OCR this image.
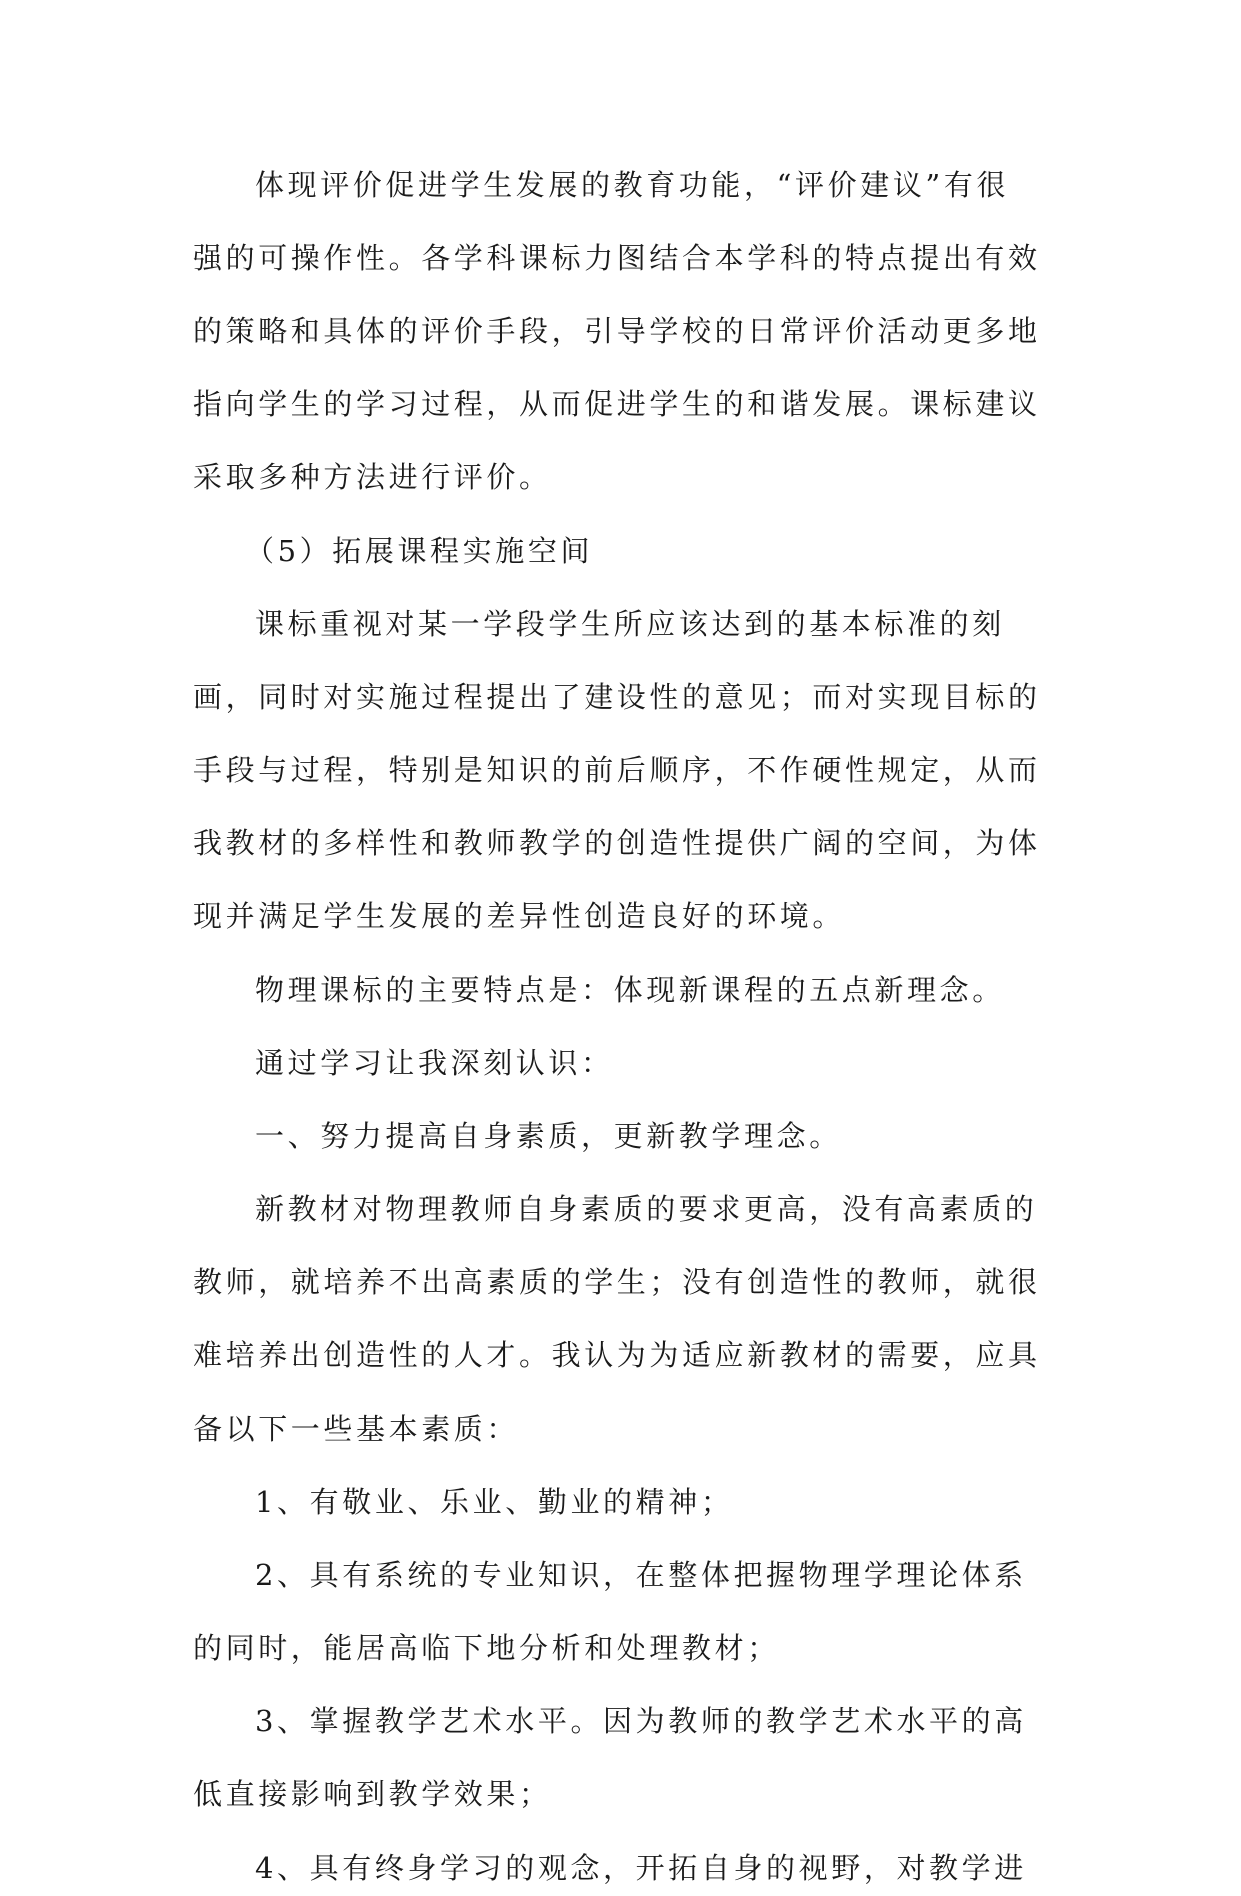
体现评价促进学生发展的教育功能，“评价建议”有很
强的可操作性。各学科课标力图结合本学科的特点提出有效
的策略和具体的评价手段，引导学校的日常评价活动更多地
指向学生的学习过程，从而促进学生的和谐发展。课标建议
采取多种方法进行评价。
（5）拓展课程实施空间
课标重视对某一学段学生所应该达到的基本标准的刻
画，同时对实施过程提出了建设性的意见；而对实现目标的
手段与过程，特别是知识的前后顺序，不作硬性规定，从而
我教材的多样性和教师教学的创造性提供广阔的空间，为体
现并满足学生发展的差异性创造良好的环境。
物理课标的主要特点是：体现新课程的五点新理念。
通过学习让我深刻认识：
一、努力提高自身素质，更新教学理念。
新教材对物理教师自身素质的要求更高，没有高素质的
教师，就培养不出高素质的学生；没有创造性的教师，就很
难培养出创造性的人才。我认为为适应新教材的需要，应具
备以下一些基本素质：
1、有敬业、乐业、勤业的精神；
2、具有系统的专业知识，在整体把握物理学理论体系
的同时，能居高临下地分析和处理教材；
3、掌握教学艺术水平。因为教师的教学艺术水平的高
低直接影响到教学效果；
4、具有终身学习的观念，开拓自身的视野，对教学进
